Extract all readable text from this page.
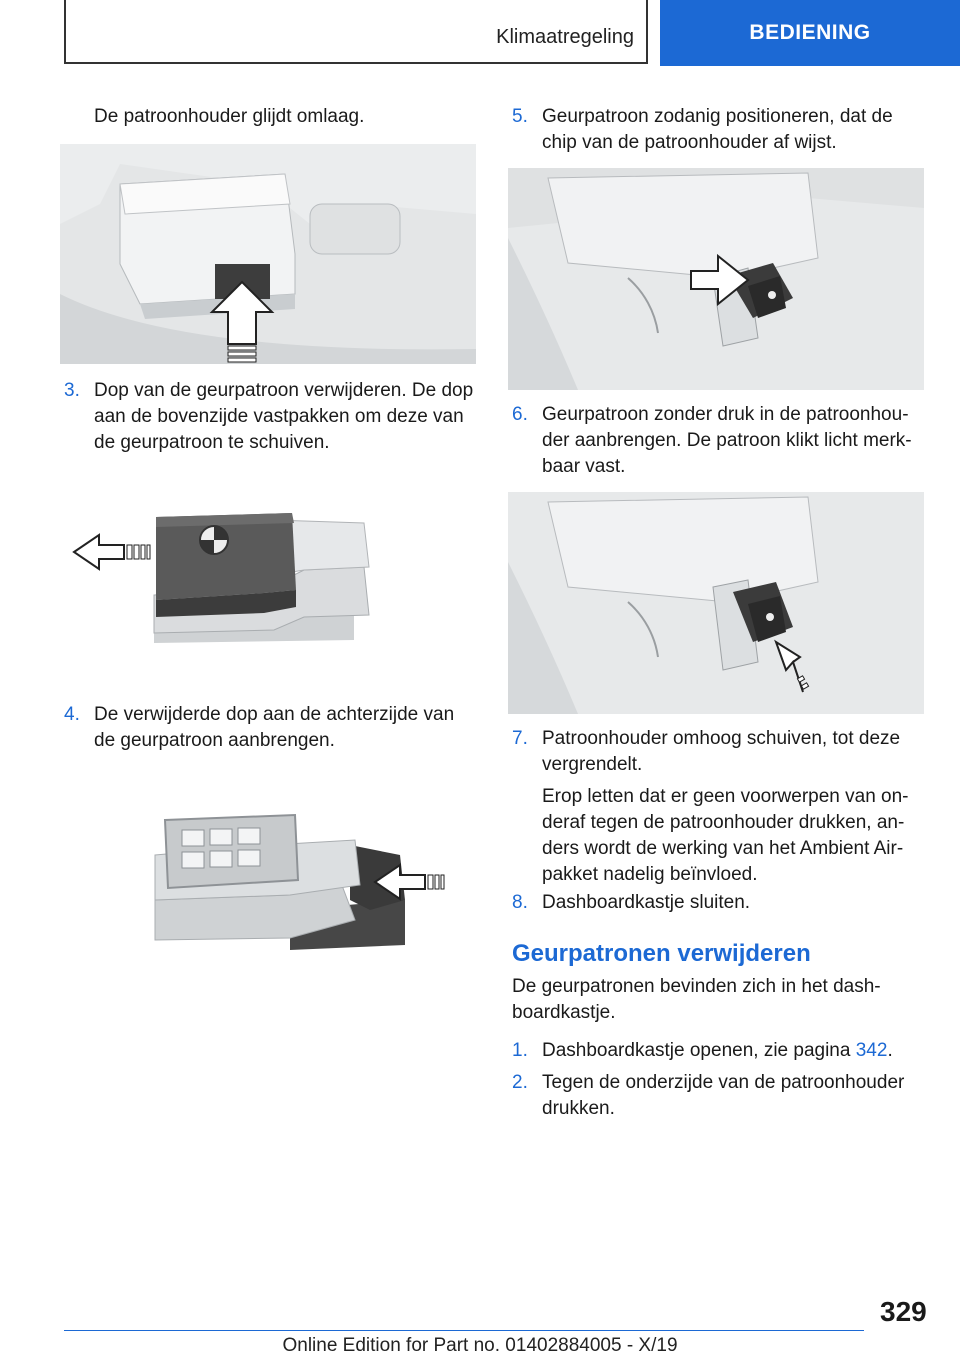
Klimaatregeling	BEDIENING
De patroonhouder glijdt omlaag.
3. Dop van de geurpatroon verwijderen. De dop aan de bovenzijde vastpakken om deze van de geurpatroon te schuiven.
4. De verwijderde dop aan de achterzijde van de geurpatroon aanbrengen.
5. Geurpatroon zodanig positioneren, dat de chip van de patroonhouder af wijst.
6. Geurpatroon zonder druk in de patroonhou-der aanbrengen. De patroon klikt licht merk-baar vast.
7. Patroonhouder omhoog schuiven, tot deze vergrendelt.
Erop letten dat er geen voorwerpen van on-deraf tegen de patroonhouder drukken, an-ders wordt de werking van het Ambient Air-pakket nadelig beïnvloed.
8. Dashboardkastje sluiten.
Geurpatronen verwijderen
De geurpatronen bevinden zich in het dash-boardkastje.
1. Dashboardkastje openen, zie pagina 342.
2. Tegen de onderzijde van de patroonhouder drukken.
329
Online Edition for Part no. 01402884005 - X/19
